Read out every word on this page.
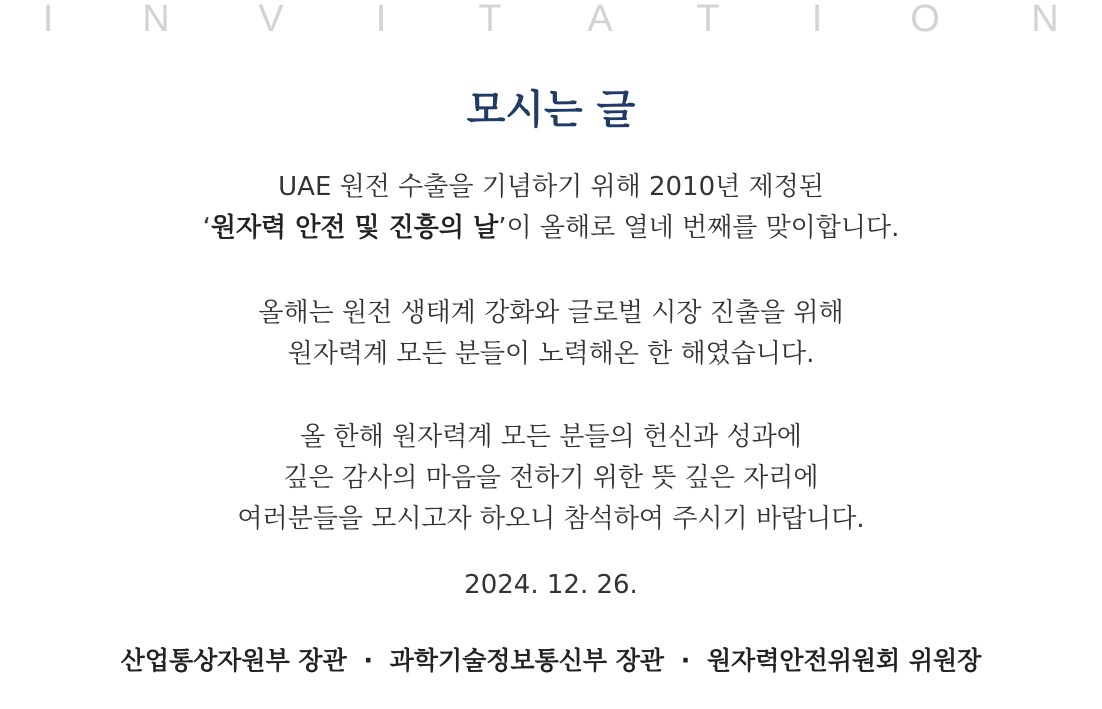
I N V I T A T I O N
모시는 글
UAE 원전 수출을 기념하기 위해 2010년 제정된
‘원자력 안전 및 진흥의 날’이 올해로 열네 번째를 맞이합니다.
올해는 원전 생태계 강화와 글로벌 시장 진출을 위해
원자력계 모든 분들이 노력해온 한 해였습니다.
올 한해 원자력계 모든 분들의 헌신과 성과에
깊은 감사의 마음을 전하기 위한 뜻 깊은 자리에
여러분들을 모시고자 하오니 참석하여 주시기 바랍니다.
2024. 12. 26.
산업통상자원부 장관 · 과학기술정보통신부 장관 · 원자력안전위원회 위원장
